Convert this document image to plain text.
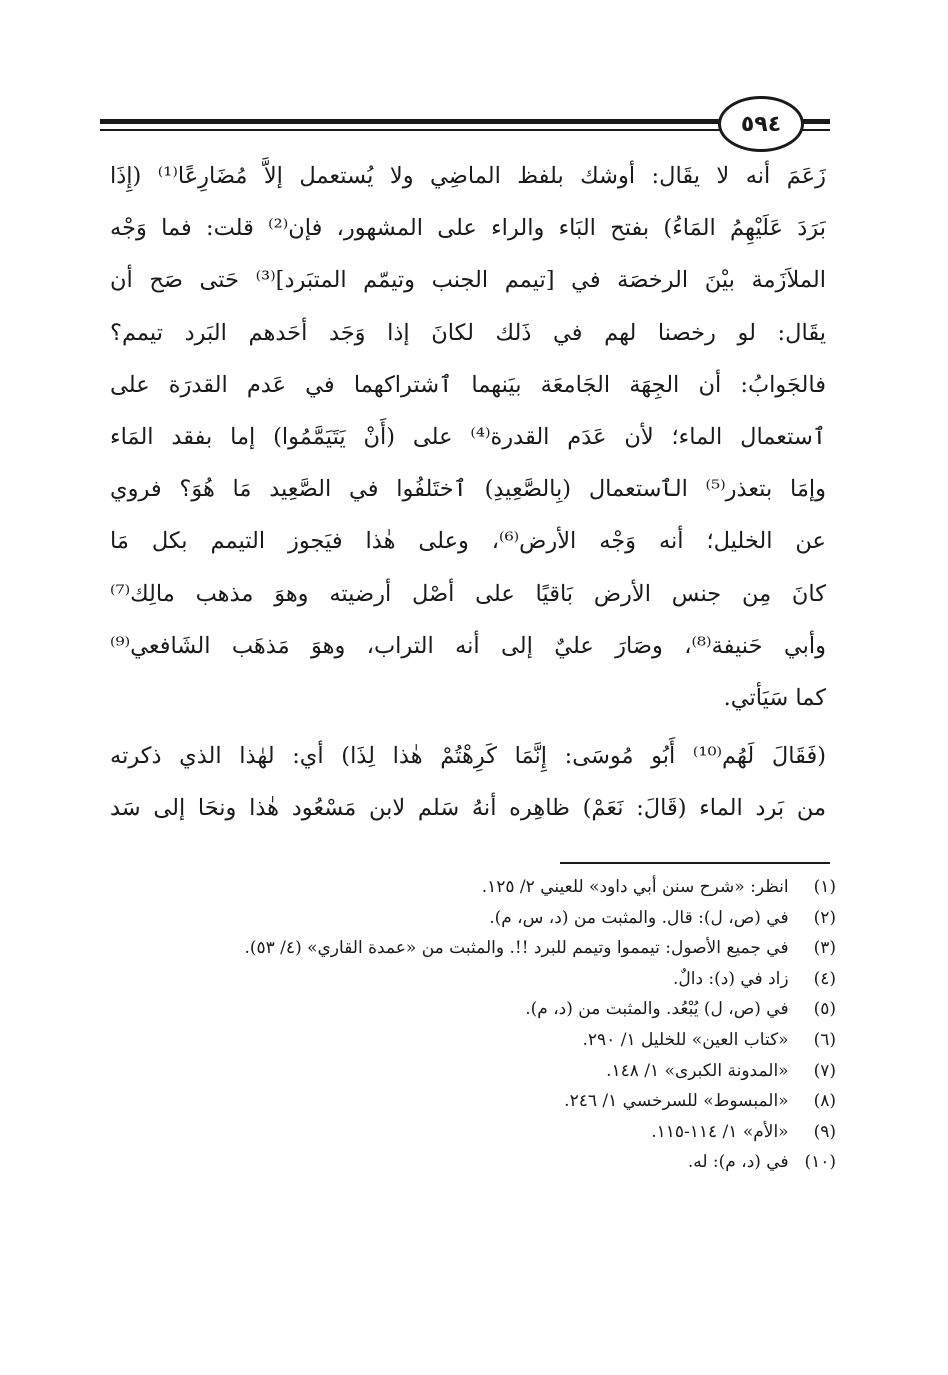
٥٩٤
زَعَمَ أنه لا يقَال: أوشك بلفظ الماضِي ولا يُستعمل إلاَّ مُضَارِعًا⁽¹⁾ (إِذَا
بَرَدَ عَلَيْهِمُ المَاءُ) بفتح البَاء والراء على المشهور، فإن⁽²⁾ قلت: فما وَجْه
الملاَزَمة بيْنَ الرخصَة في [تيمم الجنب وتيمّم المتبَرد]⁽³⁾ حَتى صَح أن
يقَال: لو رخصنا لهم في ذَلك لكانَ إذا وَجَد أحَدهم البَرد تيمم؟
فالجَوابُ: أن الجِهَة الجَامعَة بيَنهما ٱشتراكهما في عَدم القدرَة على
ٱستعمال الماء؛ لأن عَدَم القدرة⁽⁴⁾ على (أَنْ يَتَيَمَّمُوا) إما بفقد المَاء
وإمَا بتعذر⁽⁵⁾ الٱستعمال (بِالصَّعِيدِ) ٱختَلفُوا في الصَّعِيد مَا هُوَ؟ فروي
عن الخليل؛ أنه وَجْه الأرض⁽⁶⁾، وعلى هٰذا فيَجوز التيمم بكل مَا
كانَ مِن جنس الأرض بَاقيًا على أصْل أرضيته وهوَ مذهب مالِك⁽⁷⁾
وأبي حَنيفة⁽⁸⁾، وصَارَ عليٌ إلى أنه التراب، وهوَ مَذهَب الشَافعي⁽⁹⁾
كما سَيَأتي.
(فَقَالَ لَهُم⁽¹⁰⁾ أَبُو مُوسَى: إِنَّمَا كَرِهْتُمْ هٰذا لِذَا) أي: لهٰذا الذي ذكرته
من بَرد الماء (قَالَ: نَعَمْ) ظاهِره أنهُ سَلم لابن مَسْعُود هٰذا ونحَا إلى سَد
(١) انظر: «شرح سنن أبي داود» للعيني ٢/ ١٢٥.
(٢) في (ص، ل): قال. والمثبت من (د، س، م).
(٣) في جميع الأصول: تيمموا وتيمم للبرد !!. والمثبت من «عمدة القاري» (٤/ ٥٣).
(٤) زاد في (د): دالٌ.
(٥) في (ص، ل) يُبْعُد. والمثبت من (د، م).
(٦) «كتاب العين» للخليل ١/ ٢٩٠.
(٧) «المدونة الكبرى» ١/ ١٤٨.
(٨) «المبسوط» للسرخسي ١/ ٢٤٦.
(٩) «الأم» ١/ ١١٤-١١٥.
(١٠) في (د، م): له.
